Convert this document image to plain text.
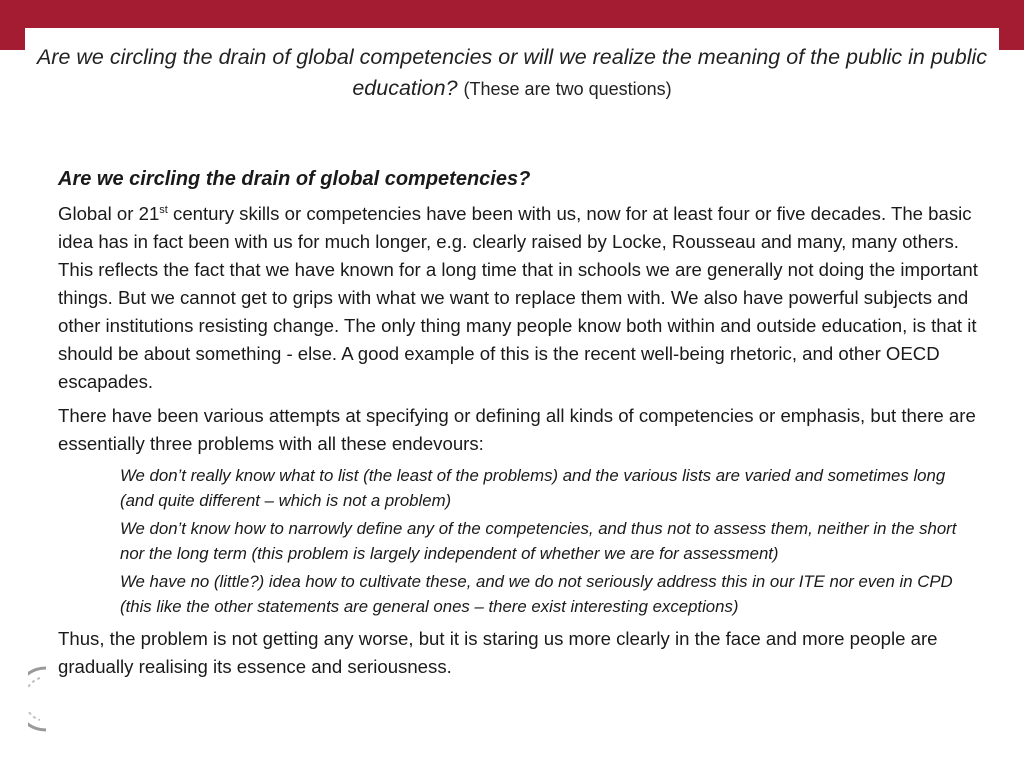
Are we circling the drain of global competencies or will we realize the meaning of the public in public education? (These are two questions)
Are we circling the drain of global competencies?
Global or 21st century skills or competencies have been with us, now for at least four or five decades. The basic idea has in fact been with us for much longer, e.g. clearly raised by Locke, Rousseau and many, many others. This reflects the fact that we have known for a long time that in schools we are generally not doing the important things. But we cannot get to grips with what we want to replace them with. We also have powerful subjects and other institutions resisting change. The only thing many people know both within and outside education, is that it should be about something - else. A good example of this is the recent well-being rhetoric, and other OECD escapades.
There have been various attempts at specifying or defining all kinds of competencies or emphasis, but there are essentially three problems with all these endevours:
We don’t really know what to list (the least of the problems) and the various lists are varied and sometimes long (and quite different – which is not a problem)
We don’t know how to narrowly define any of the competencies, and thus not to assess them, neither in the short nor the long term (this problem is largely independent of whether we are for assessment)
We have no (little?) idea how to cultivate these, and we do not seriously address this in our ITE nor even in CPD (this like the other statements are general ones – there exist interesting exceptions)
Thus, the problem is not getting any worse, but it is staring us more clearly in the face and more people are gradually realising its essence and seriousness.
